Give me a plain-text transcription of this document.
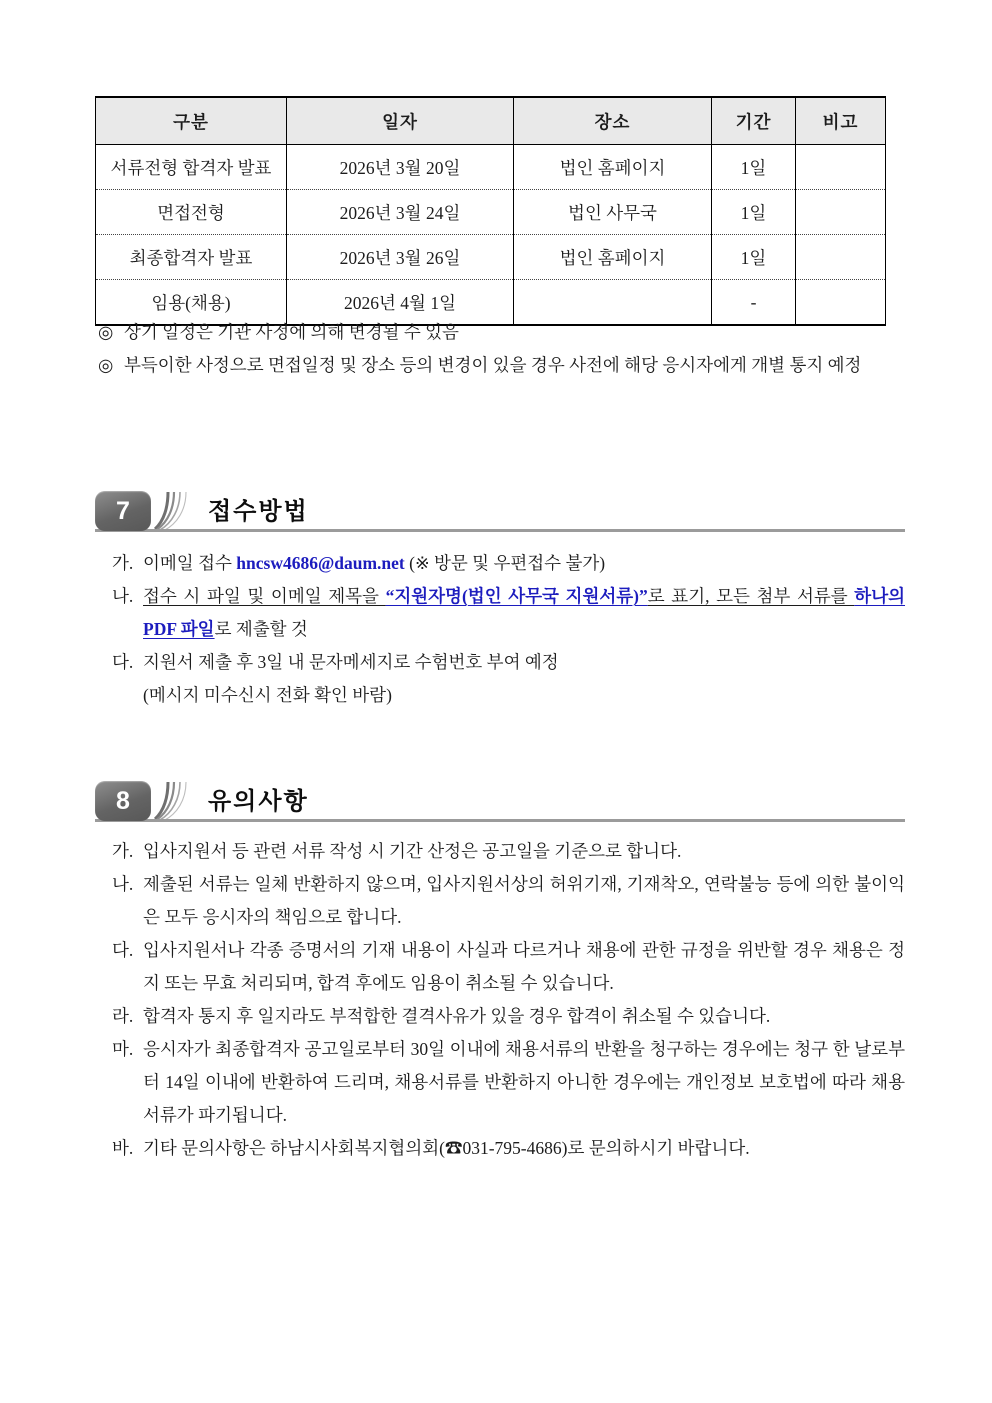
구분	일자	장소	기간	비고
서류전형 합격자 발표	2026년 3월 20일	법인 홈페이지	1일	
면접전형	2026년 3월 24일	법인 사무국	1일	
최종합격자 발표	2026년 3월 26일	법인 홈페이지	1일	
임용(채용)	2026년 4월 1일		-	
◎ 상기 일정은 기관 사정에 의해 변경될 수 있음
◎ 부득이한 사정으로 면접일정 및 장소 등의 변경이 있을 경우 사전에 해당 응시자에게 개별 통지 예정
7	접수방법
가. 이메일 접수 hncsw4686@daum.net (※ 방문 및 우편접수 불가)
나. 접수 시 파일 및 이메일 제목을 “지원자명(법인 사무국 지원서류)”로 표기, 모든 첨부 서류를 하나의 PDF 파일로 제출할 것
다. 지원서 제출 후 3일 내 문자메세지로 수험번호 부여 예정
(메시지 미수신시 전화 확인 바람)
8	유의사항
가. 입사지원서 등 관련 서류 작성 시 기간 산정은 공고일을 기준으로 합니다.
나. 제출된 서류는 일체 반환하지 않으며, 입사지원서상의 허위기재, 기재착오, 연락불능 등에 의한 불이익은 모두 응시자의 책임으로 합니다.
다. 입사지원서나 각종 증명서의 기재 내용이 사실과 다르거나 채용에 관한 규정을 위반할 경우 채용은 정지 또는 무효 처리되며, 합격 후에도 임용이 취소될 수 있습니다.
라. 합격자 통지 후 일지라도 부적합한 결격사유가 있을 경우 합격이 취소될 수 있습니다.
마. 응시자가 최종합격자 공고일로부터 30일 이내에 채용서류의 반환을 청구하는 경우에는 청구 한 날로부터 14일 이내에 반환하여 드리며, 채용서류를 반환하지 아니한 경우에는 개인정보 보호법에 따라 채용서류가 파기됩니다.
바. 기타 문의사항은 하남시사회복지협의회(☎031-795-4686)로 문의하시기 바랍니다.
